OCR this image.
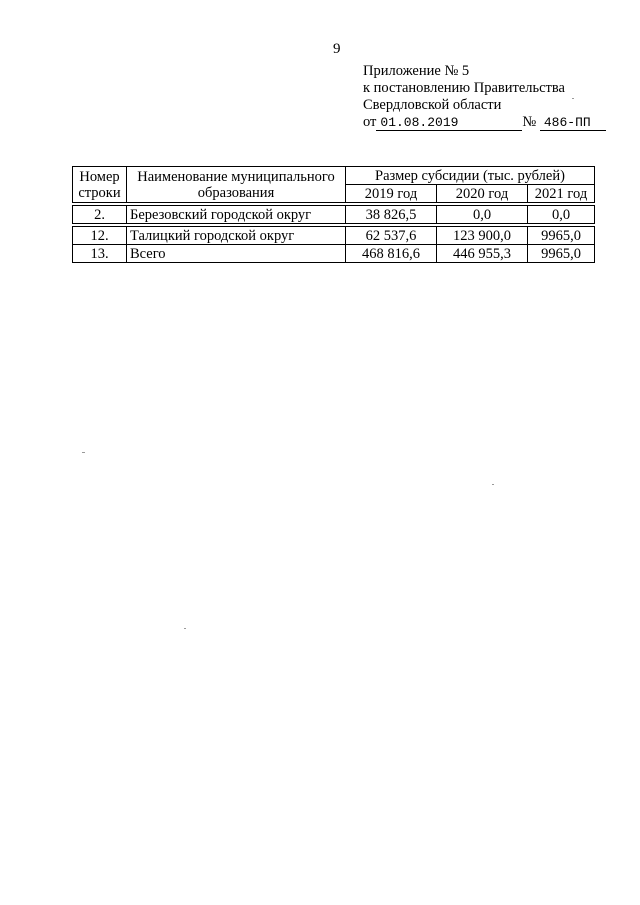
9
Приложение № 5
к постановлению Правительства
Свердловской области
от 01.08.2019	№ 486-ПП
Номер строки	Наименование муниципального образования	Размер субсидии (тыс. рублей)		
		2019 год	2020 год	2021 год

2.	Березовский городской округ	38 826,5	0,0	0,0

12.	Талицкий городской округ	62 537,6	123 900,0	9965,0
13.	Всего	468 816,6	446 955,3	9965,0
